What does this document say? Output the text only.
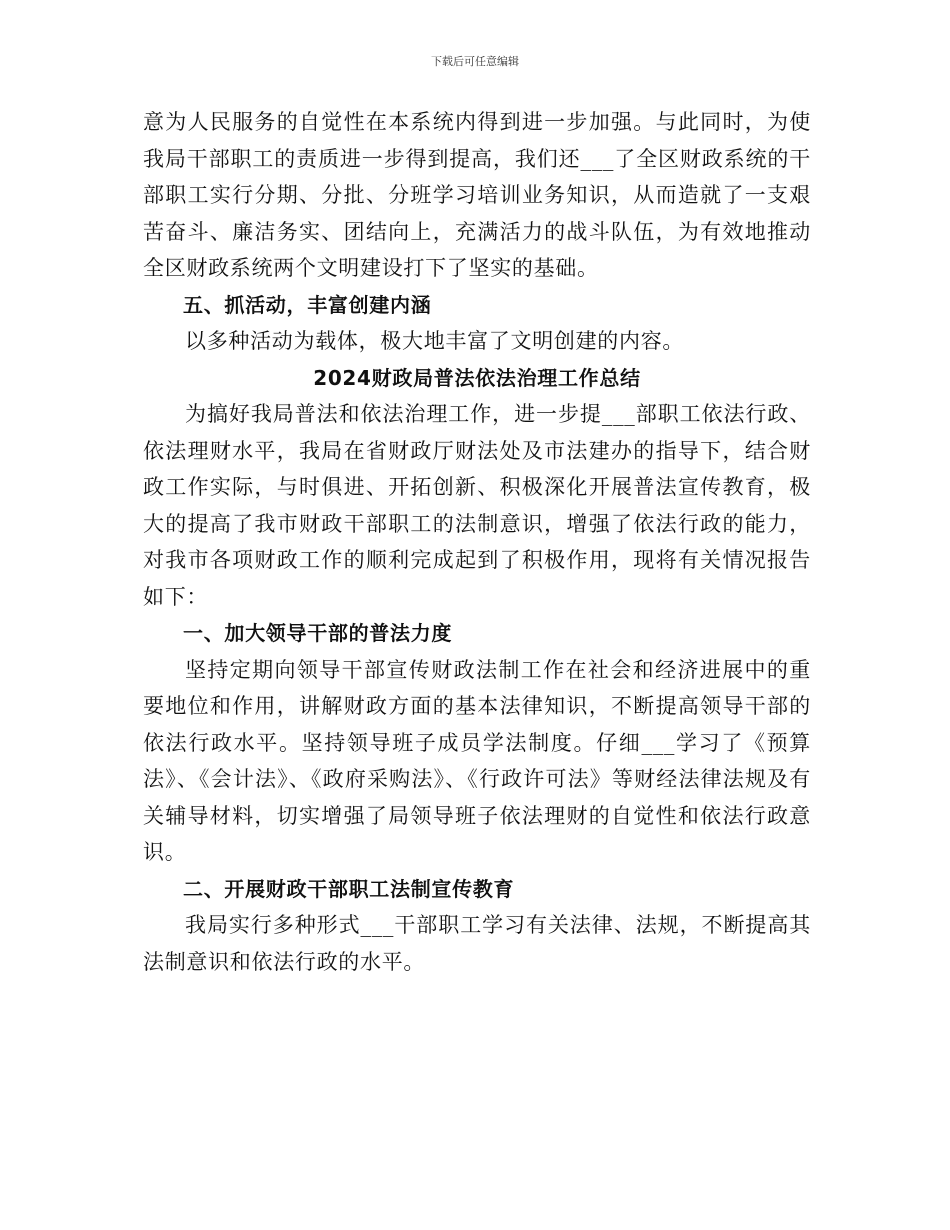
下载后可任意编辑

意为人民服务的自觉性在本系统内得到进一步加强。与此同时，为使我局干部职工的责质进一步得到提高，我们还___了全区财政系统的干部职工实行分期、分批、分班学习培训业务知识，从而造就了一支艰苦奋斗、廉洁务实、团结向上，充满活力的战斗队伍，为有效地推动全区财政系统两个文明建设打下了坚实的基础。

五、抓活动，丰富创建内涵

以多种活动为载体，极大地丰富了文明创建的内容。

2024财政局普法依法治理工作总结

为搞好我局普法和依法治理工作，进一步提___部职工依法行政、依法理财水平，我局在省财政厅财法处及市法建办的指导下，结合财政工作实际，与时俱进、开拓创新、积极深化开展普法宣传教育，极大的提高了我市财政干部职工的法制意识，增强了依法行政的能力，对我市各项财政工作的顺利完成起到了积极作用，现将有关情况报告如下：

一、加大领导干部的普法力度

坚持定期向领导干部宣传财政法制工作在社会和经济进展中的重要地位和作用，讲解财政方面的基本法律知识，不断提高领导干部的依法行政水平。坚持领导班子成员学法制度。仔细___学习了《预算法》、《会计法》、《政府采购法》、《行政许可法》等财经法律法规及有关辅导材料，切实增强了局领导班子依法理财的自觉性和依法行政意识。

二、开展财政干部职工法制宣传教育

我局实行多种形式___干部职工学习有关法律、法规，不断提高其法制意识和依法行政的水平。
